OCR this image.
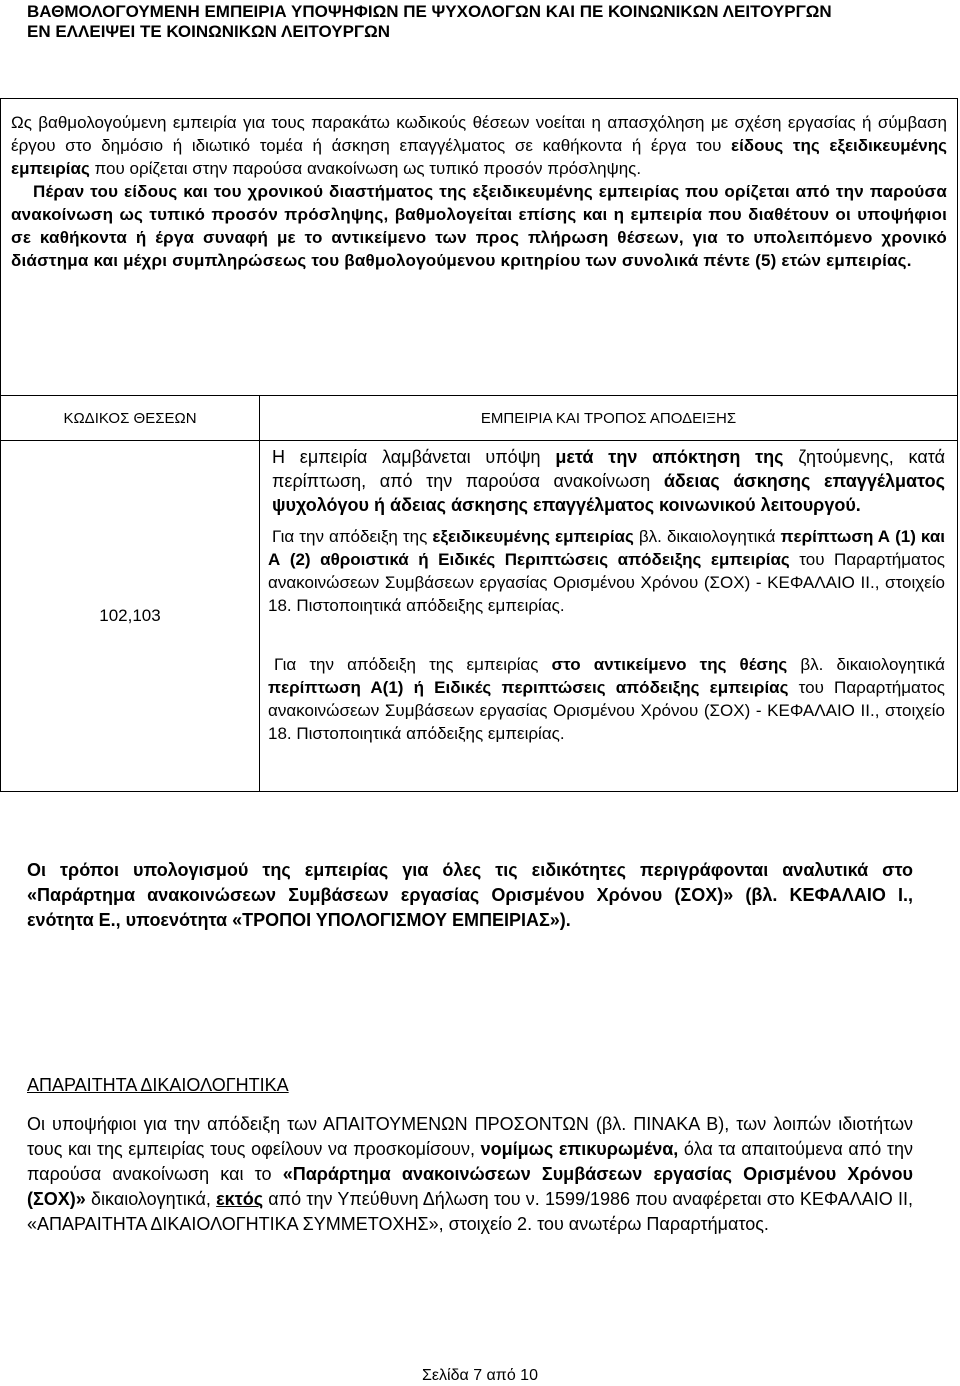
ΒΑΘΜΟΛΟΓΟΥΜΕΝΗ ΕΜΠΕΙΡΙΑ ΥΠΟΨΗΦΙΩΝ ΠΕ ΨΥΧΟΛΟΓΩΝ ΚΑΙ ΠΕ ΚΟΙΝΩΝΙΚΩΝ ΛΕΙΤΟΥΡΓΩΝ
ΕΝ ΕΛΛΕΙΨΕΙ ΤΕ ΚΟΙΝΩΝΙΚΩΝ ΛΕΙΤΟΥΡΓΩΝ

Ως βαθμολογούμενη εμπειρία για τους παρακάτω κωδικούς θέσεων νοείται η απασχόληση με σχέση εργασίας ή σύμβαση έργου στο δημόσιο ή ιδιωτικό τομέα ή άσκηση επαγγέλματος σε καθήκοντα ή έργα του είδους της εξειδικευμένης εμπειρίας που ορίζεται στην παρούσα ανακοίνωση ως τυπικό προσόν πρόσληψης.

Πέραν του είδους και του χρονικού διαστήματος της εξειδικευμένης εμπειρίας που ορίζεται από την παρούσα ανακοίνωση ως τυπικό προσόν πρόσληψης, βαθμολογείται επίσης και η εμπειρία που διαθέτουν οι υποψήφιοι σε καθήκοντα ή έργα συναφή με το αντικείμενο των προς πλήρωση θέσεων, για το υπολειπόμενο χρονικό διάστημα και μέχρι συμπληρώσεως του βαθμολογούμενου κριτηρίου των συνολικά πέντε (5) ετών εμπειρίας.

ΚΩΔΙΚΟΣ ΘΕΣΕΩΝ	ΕΜΠΕΙΡΙΑ ΚΑΙ ΤΡΟΠΟΣ ΑΠΟΔΕΙΞΗΣ
102,103

Η εμπειρία λαμβάνεται υπόψη μετά την απόκτηση της ζητούμενης, κατά περίπτωση, από την παρούσα ανακοίνωση άδειας άσκησης επαγγέλματος ψυχολόγου ή άδειας άσκησης επαγγέλματος κοινωνικού λειτουργού.

Για την απόδειξη της εξειδικευμένης εμπειρίας βλ. δικαιολογητικά περίπτωση Α (1) και Α (2) αθροιστικά ή Ειδικές Περιπτώσεις απόδειξης εμπειρίας του Παραρτήματος ανακοινώσεων Συμβάσεων εργασίας Ορισμένου Χρόνου (ΣΟΧ) - ΚΕΦΑΛΑΙΟ ΙΙ., στοιχείο 18. Πιστοποιητικά απόδειξης εμπειρίας.

Για την απόδειξη της εμπειρίας στο αντικείμενο της θέσης βλ. δικαιολογητικά περίπτωση Α(1) ή Ειδικές περιπτώσεις απόδειξης εμπειρίας του Παραρτήματος ανακοινώσεων Συμβάσεων εργασίας Ορισμένου Χρόνου (ΣΟΧ) - ΚΕΦΑΛΑΙΟ ΙΙ., στοιχείο 18. Πιστοποιητικά απόδειξης εμπειρίας.

Οι τρόποι υπολογισμού της εμπειρίας για όλες τις ειδικότητες περιγράφονται αναλυτικά στο «Παράρτημα ανακοινώσεων Συμβάσεων εργασίας Ορισμένου Χρόνου (ΣΟΧ)» (βλ. ΚΕΦΑΛΑΙΟ Ι., ενότητα Ε., υποενότητα «ΤΡΟΠΟΙ ΥΠΟΛΟΓΙΣΜΟΥ ΕΜΠΕΙΡΙΑΣ»).
ΑΠΑΡΑΙΤΗΤΑ ΔΙΚΑΙΟΛΟΓΗΤΙΚΑ
Οι υποψήφιοι για την απόδειξη των ΑΠΑΙΤΟΥΜΕΝΩΝ ΠΡΟΣΟΝΤΩΝ (βλ. ΠΙΝΑΚΑ Β), των λοιπών ιδιοτήτων τους και της εμπειρίας τους οφείλουν να προσκομίσουν, νομίμως επικυρωμένα, όλα τα απαιτούμενα από την παρούσα ανακοίνωση και το «Παράρτημα ανακοινώσεων Συμβάσεων εργασίας Ορισμένου Χρόνου (ΣΟΧ)» δικαιολογητικά, εκτός από την Υπεύθυνη Δήλωση του ν. 1599/1986 που αναφέρεται στο ΚΕΦΑΛΑΙΟ ΙΙ, «ΑΠΑΡΑΙΤΗΤΑ ΔΙΚΑΙΟΛΟΓΗΤΙΚΑ ΣΥΜΜΕΤΟΧΗΣ», στοιχείο 2. του ανωτέρω Παραρτήματος.
Σελίδα 7 από 10
